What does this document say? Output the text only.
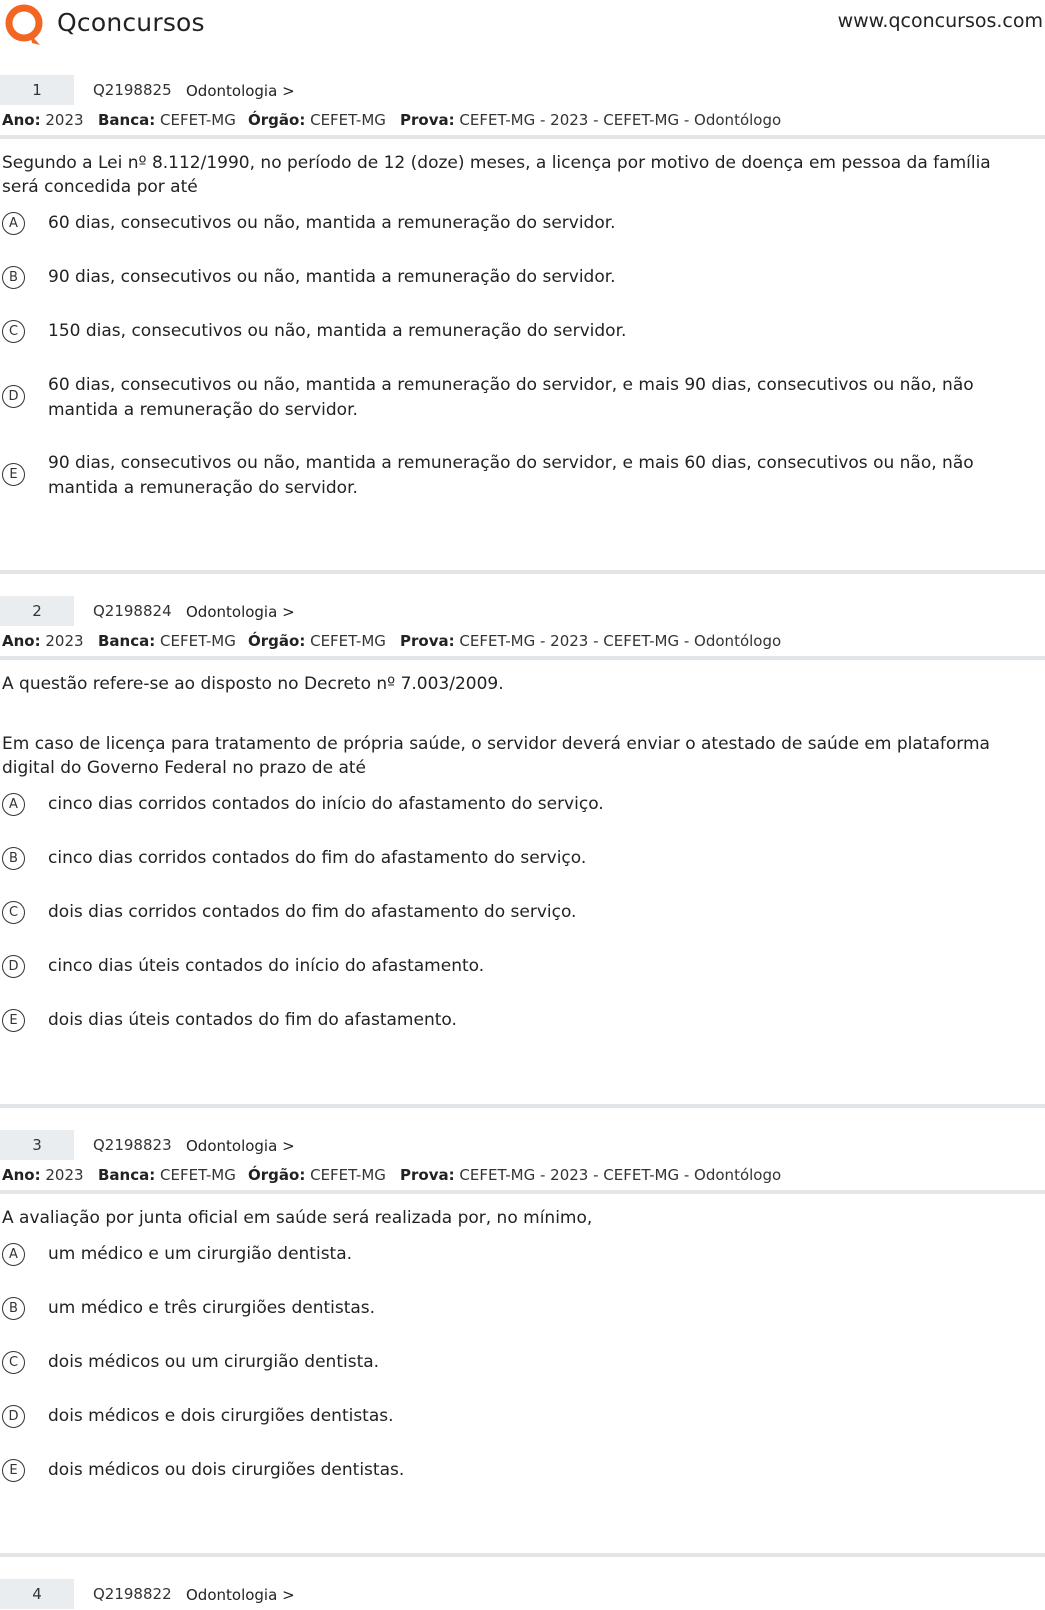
Qconcursos	www.qconcursos.com
1	Q2198825 Odontologia >
Ano: 2023 Banca: CEFET-MG Órgão: CEFET-MG Prova: CEFET-MG - 2023 - CEFET-MG - Odontólogo

Segundo a Lei nº 8.112/1990, no período de 12 (doze) meses, a licença por motivo de doença em pessoa da família será concedida por até

A	60 dias, consecutivos ou não, mantida a remuneração do servidor.
B	90 dias, consecutivos ou não, mantida a remuneração do servidor.
C	150 dias, consecutivos ou não, mantida a remuneração do servidor.
D
60 dias, consecutivos ou não, mantida a remuneração do servidor, e mais 90 dias, consecutivos ou não, não mantida a remuneração do servidor.
E
90 dias, consecutivos ou não, mantida a remuneração do servidor, e mais 60 dias, consecutivos ou não, não mantida a remuneração do servidor.
2	Q2198824 Odontologia >
Ano: 2023 Banca: CEFET-MG Órgão: CEFET-MG Prova: CEFET-MG - 2023 - CEFET-MG - Odontólogo

A questão refere-se ao disposto no Decreto nº 7.003/2009.

Em caso de licença para tratamento de própria saúde, o servidor deverá enviar o atestado de saúde em plataforma digital do Governo Federal no prazo de até

A	cinco dias corridos contados do início do afastamento do serviço.
B	cinco dias corridos contados do fim do afastamento do serviço.
C	dois dias corridos contados do fim do afastamento do serviço.
D	cinco dias úteis contados do início do afastamento.
E	dois dias úteis contados do fim do afastamento.
3	Q2198823 Odontologia >
Ano: 2023 Banca: CEFET-MG Órgão: CEFET-MG Prova: CEFET-MG - 2023 - CEFET-MG - Odontólogo

A avaliação por junta oficial em saúde será realizada por, no mínimo,

A	um médico e um cirurgião dentista.
B	um médico e três cirurgiões dentistas.
C	dois médicos ou um cirurgião dentista.
D	dois médicos e dois cirurgiões dentistas.
E	dois médicos ou dois cirurgiões dentistas.
4	Q2198822 Odontologia >
